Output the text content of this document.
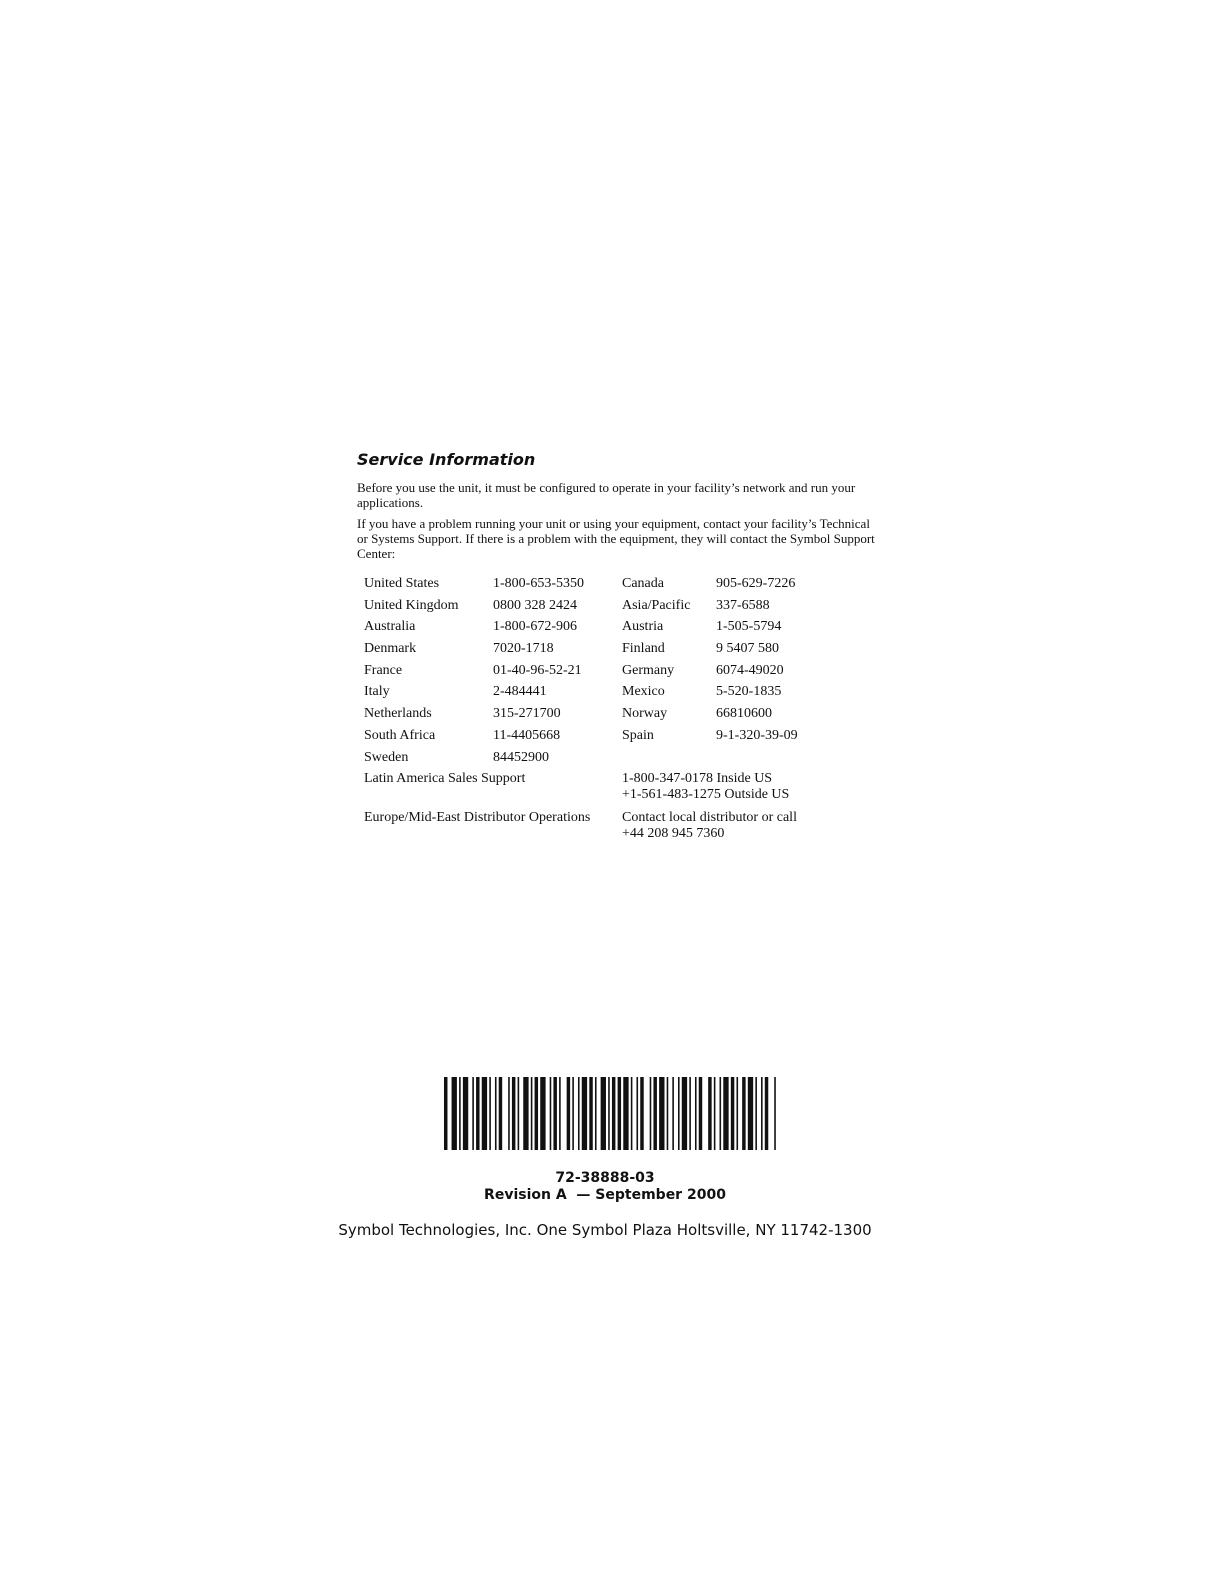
Service Information

Before you use the unit, it must be configured to operate in your facility’s network and run your applications.

If you have a problem running your unit or using your equipment, contact your facility’s Technical or Systems Support. If there is a problem with the equipment, they will contact the Symbol Support Center:

United States	1-800-653-5350	Canada	905-629-7226
United Kingdom	0800 328 2424	Asia/Pacific	337-6588
Australia	1-800-672-906	Austria	1-505-5794
Denmark	7020-1718	Finland	9 5407 580
France	01-40-96-52-21	Germany	6074-49020
Italy	2-484441	Mexico	5-520-1835
Netherlands	315-271700	Norway	66810600
South Africa	11-4405668	Spain	9-1-320-39-09
Sweden	84452900
Latin America Sales Support	1-800-347-0178 Inside US
+1-561-483-1275 Outside US
Europe/Mid-East Distributor Operations	Contact local distributor or call
+44 208 945 7360
72-38888-03
Revision A  — September 2000
Symbol Technologies, Inc. One Symbol Plaza Holtsville, NY 11742-1300
